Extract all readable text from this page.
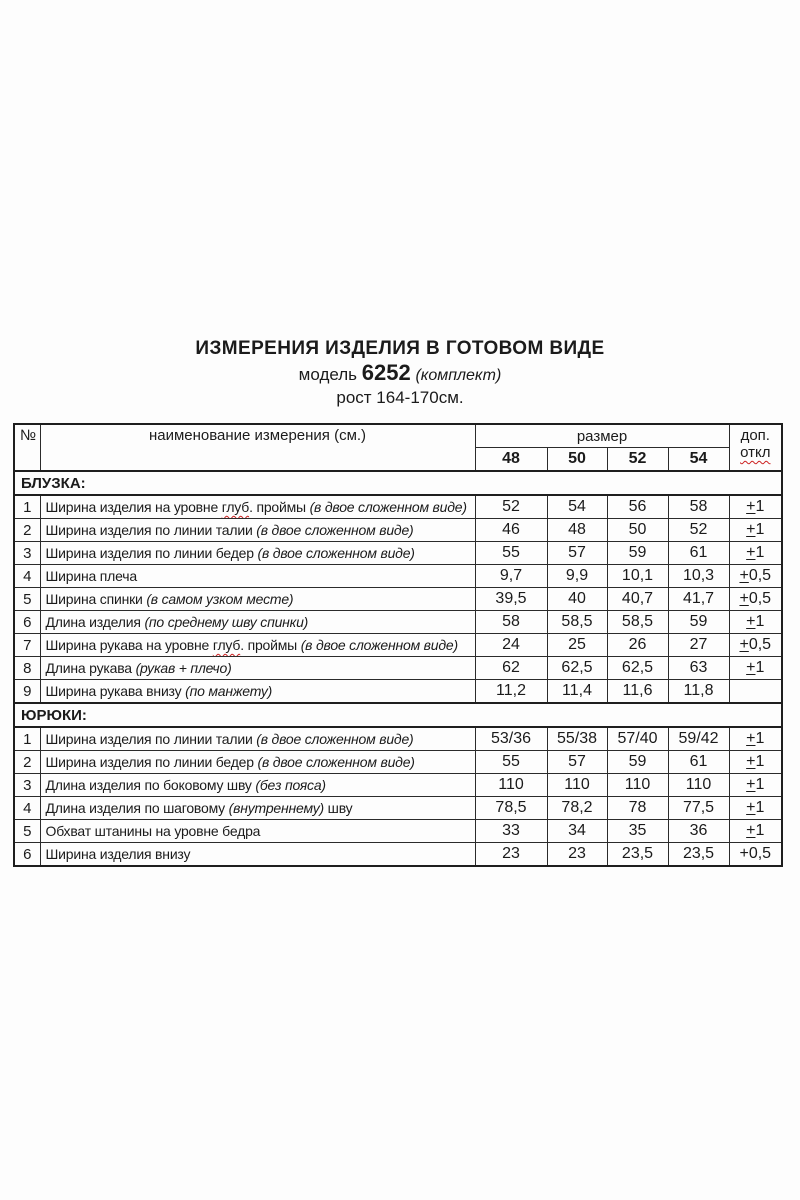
ИЗМЕРЕНИЯ ИЗДЕЛИЯ В ГОТОВОМ ВИДЕ
модель 6252 (комплект)
рост 164-170см.
№	наименование измерения (см.)	размер				доп.
откл
		48	50	52	54	
БЛУЗКА:						
1	Ширина изделия на уровне глуб. проймы (в двое сложенном виде)	52	54	56	58	+1
2	Ширина изделия по линии талии (в двое сложенном виде)	46	48	50	52	+1
3	Ширина изделия по линии бедер (в двое сложенном виде)	55	57	59	61	+1
4	Ширина плеча	9,7	9,9	10,1	10,3	+0,5
5	Ширина спинки (в самом узком месте)	39,5	40	40,7	41,7	+0,5
6	Длина изделия (по среднему шву спинки)	58	58,5	58,5	59	+1
7	Ширина рукава на уровне глуб. проймы (в двое сложенном виде)	24	25	26	27	+0,5
8	Длина рукава (рукав + плечо)	62	62,5	62,5	63	+1
9	Ширина рукава внизу (по манжету)	11,2	11,4	11,6	11,8	
ЮРЮКИ:						
1	Ширина изделия по линии талии (в двое сложенном виде)	53/36	55/38	57/40	59/42	+1
2	Ширина изделия по линии бедер (в двое сложенном виде)	55	57	59	61	+1
3	Длина изделия по боковому шву (без пояса)	110	110	110	110	+1
4	Длина изделия по шаговому (внутреннему) шву	78,5	78,2	78	77,5	+1
5	Обхват штанины на уровне бедра	33	34	35	36	+1
6	Ширина изделия внизу	23	23	23,5	23,5	+0,5
